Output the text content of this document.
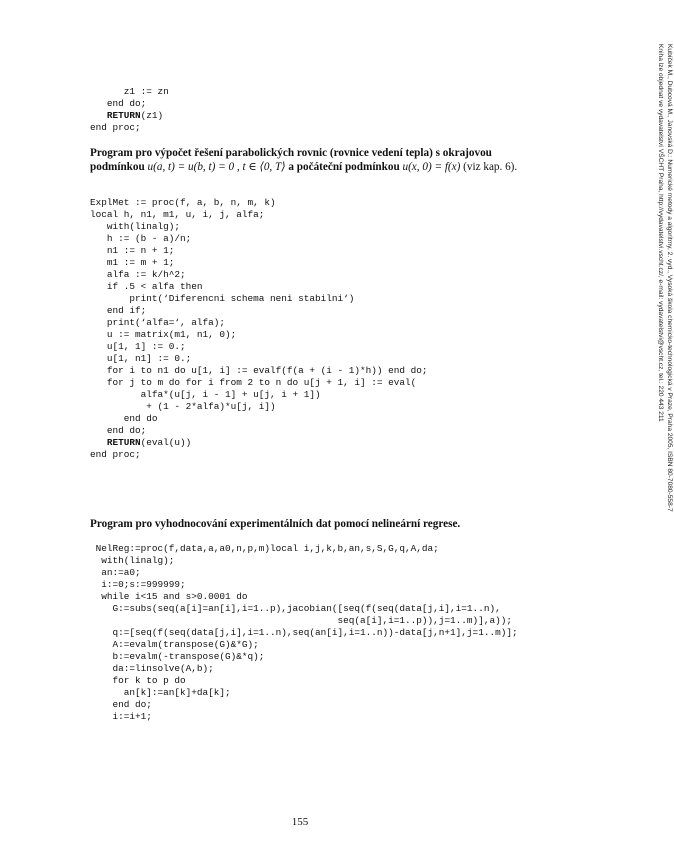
Kubíček M., Dubcová M., Janovská D.: Numerické metody a algoritmy, 2. vyd., Vysoká škola chemicko-technologická v Praze, Praha 2005, ISBN 80-7080-558-7
Kniha lze objednat ve vydavatelství VŠCHT Praha, http://vydavatelstvi.vscht.cz/, e-mail: vydavatelstvi@vscht.cz, tel.: 220 443 211
z1 := zn
end do;
RETURN(z1)
end proc;

Program pro výpočet řešení parabolických rovnic (rovnice vedení tepla) s okrajovou podmínkou u(a, t) = u(b, t) = 0 , t ∈ ⟨0, T⟩ a počáteční podmínkou u(x, 0) = f(x) (viz kap. 6).

ExplMet := proc(f, a, b, n, m, k)
local h, n1, m1, u, i, j, alfa;
with(linalg);
h := (b - a)/n;
n1 := n + 1;
m1 := m + 1;
alfa := k/h^2;
if .5 < alfa then
print(‘Diferencni schema neni stabilni‘)
end if;
print(‘alfa=‘, alfa);
u := matrix(m1, n1, 0);
u[1, 1] := 0.;
u[1, n1] := 0.;
for i to n1 do u[1, i] := evalf(f(a + (i - 1)*h)) end do;
for j to m do for i from 2 to n do u[j + 1, i] := eval(
alfa*(u[j, i - 1] + u[j, i + 1])
+ (1 - 2*alfa)*u[j, i])
end do
end do;
RETURN(eval(u))
end proc;

Program pro vyhodnocování experimentálních dat pomocí nelineární regrese.

NelReg:=proc(f,data,a,a0,n,p,m)local i,j,k,b,an,s,S,G,q,A,da;
with(linalg);
an:=a0;
i:=0;s:=999999;
while i<15 and s>0.0001 do
G:=subs(seq(a[i]=an[i],i=1..p),jacobian([seq(f(seq(data[j,i],i=1..n),
seq(a[i],i=1..p)),j=1..m)],a));
q:=[seq(f(seq(data[j,i],i=1..n),seq(an[i],i=1..n))-data[j,n+1],j=1..m)];
A:=evalm(transpose(G)&*G);
b:=evalm(-transpose(G)&*q);
da:=linsolve(A,b);
for k to p do
an[k]:=an[k]+da[k];
end do;
i:=i+1;
155
